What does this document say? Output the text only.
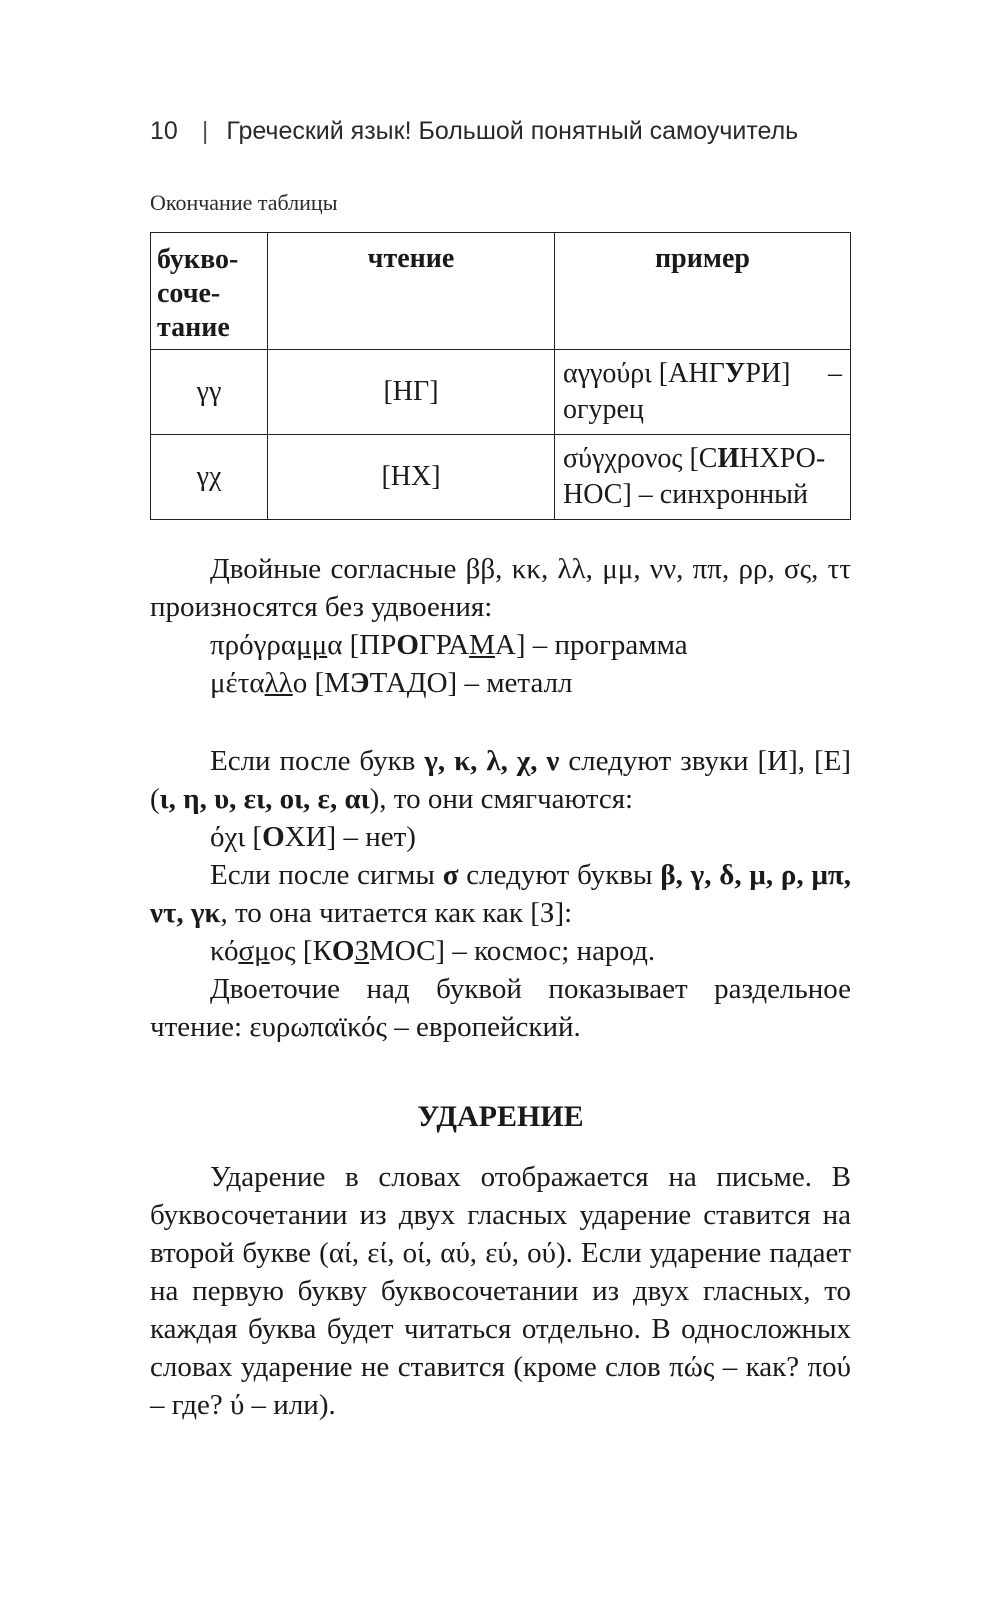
10 | Греческий язык! Большой понятный самоучитель
Окончание таблицы
букво-
соче-
тание	чтение	пример
γγ	[НГ]	αγγούρι [АНГУРИ] –
огурец

γχ	[НХ]	σύγχρονος [СИНХРО-
НОС] – синхронный

Двойные согласные ββ, κκ, λλ, μμ, νν, ππ, ρρ, σς, ττ произносятся без удвоения:

πρόγραμμα [ПРОГРАМА] – программа

μέταλλο [МЭТАДО] – металл

Если после букв γ, κ, λ, χ, ν следуют звуки [И], [Е] (ι, η, υ, ει, οι, ε, αι), то они смягчаются:

όχι [ОХИ] – нет)

Если после сигмы σ следуют буквы β, γ, δ, μ, ρ, μπ, ντ, γκ, то она читается как как [З]:

κόσμος [КОЗМОС] – космос; народ.

Двоеточие над буквой показывает раздельное чтение: ευρωπαϊκός – европейский.

УДАРЕНИЕ

Ударение в словах отображается на письме. В буквосочетании из двух гласных ударение ставится на второй букве (αί, εί, οί, αύ, εύ, ού). Если ударение падает на первую букву буквосочетании из двух гласных, то каждая буква будет читаться отдельно. В односложных словах ударение не ставится (кроме слов πώς – как? πού – где? ύ – или).
